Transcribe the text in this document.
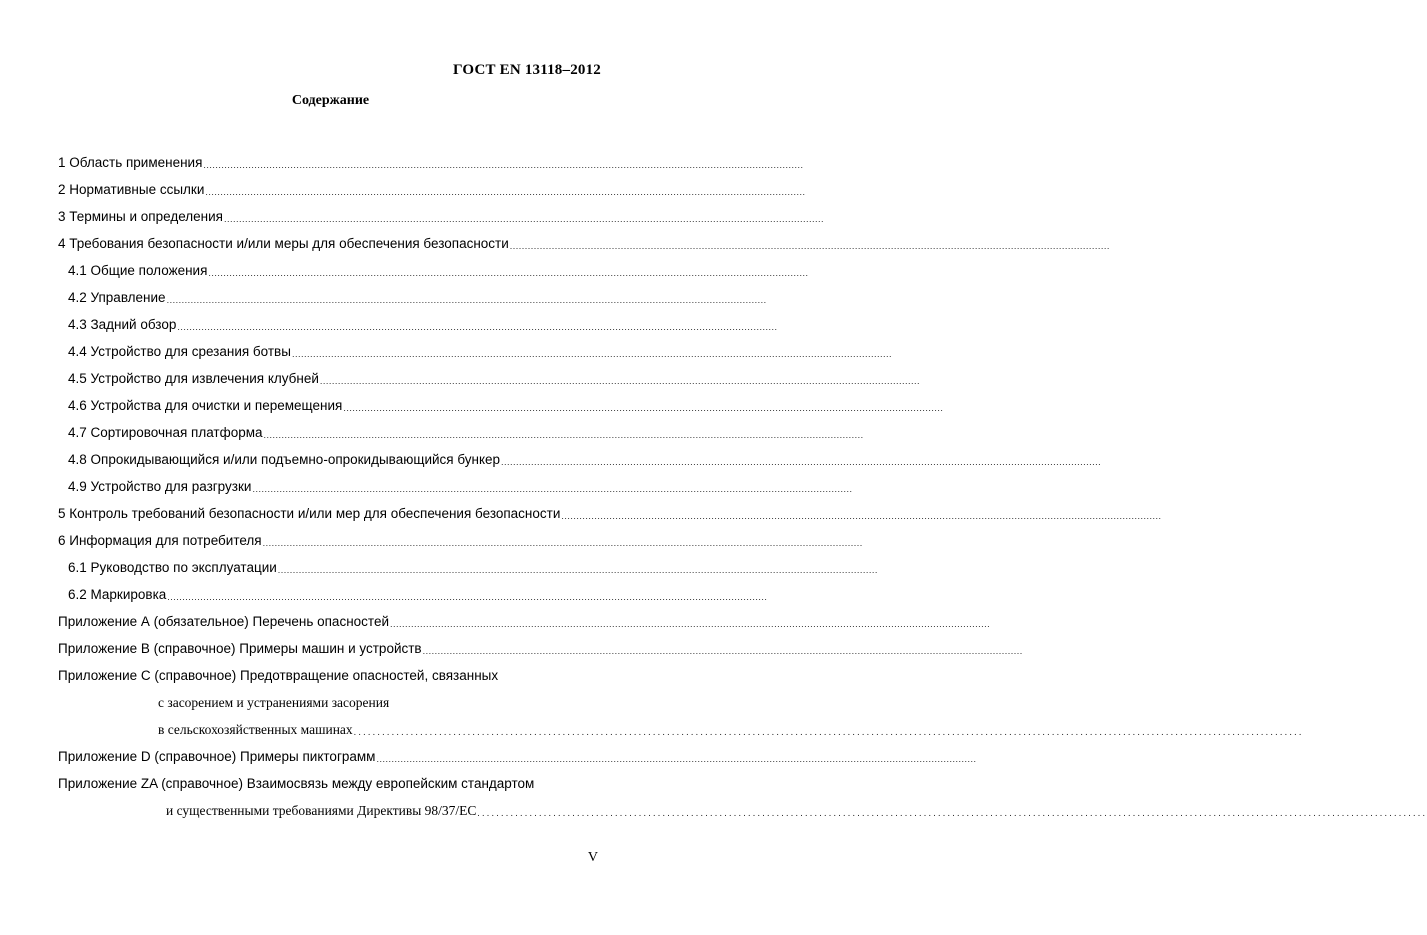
ГОСТ EN 13118–2012
Содержание
1 Область применения ........................................................................................................................................................................................................
2 Нормативные ссылки ........................................................................................................................................................................................................
3 Термины и определения ........................................................................................................................................................................................................
4 Требования безопасности и/или меры для обеспечения безопасности ........................................................................................................................................................................................................
4.1 Общие положения ........................................................................................................................................................................................................
4.2 Управление ........................................................................................................................................................................................................
4.3 Задний обзор ........................................................................................................................................................................................................
4.4 Устройство для срезания ботвы ........................................................................................................................................................................................................
4.5 Устройство для извлечения клубней ........................................................................................................................................................................................................
4.6 Устройства для очистки и перемещения ........................................................................................................................................................................................................
4.7 Сортировочная платформа ........................................................................................................................................................................................................
4.8 Опрокидывающийся и/или подъемно-опрокидывающийся бункер ........................................................................................................................................................................................................
4.9 Устройство для разгрузки ........................................................................................................................................................................................................
5 Контроль требований безопасности и/или мер для обеспечения безопасности ........................................................................................................................................................................................................
6 Информация для потребителя ........................................................................................................................................................................................................
6.1 Руководство по эксплуатации ........................................................................................................................................................................................................
6.2 Маркировка ........................................................................................................................................................................................................
Приложение А (обязательное) Перечень опасностей ........................................................................................................................................................................................................
Приложение В (справочное) Примеры машин и устройств ........................................................................................................................................................................................................
Приложение С (справочное) Предотвращение опасностей, связанных
с засорением и устранениями засорения
в сельскохозяйственных машинах ........................................................................................................................................................................................................
Приложение D (справочное) Примеры пиктограмм ........................................................................................................................................................................................................
Приложение ZA (справочное) Взаимосвязь между европейским стандартом
и существенными требованиями Директивы 98/37/ЕС ........................................................................................................................................................................................................
V
